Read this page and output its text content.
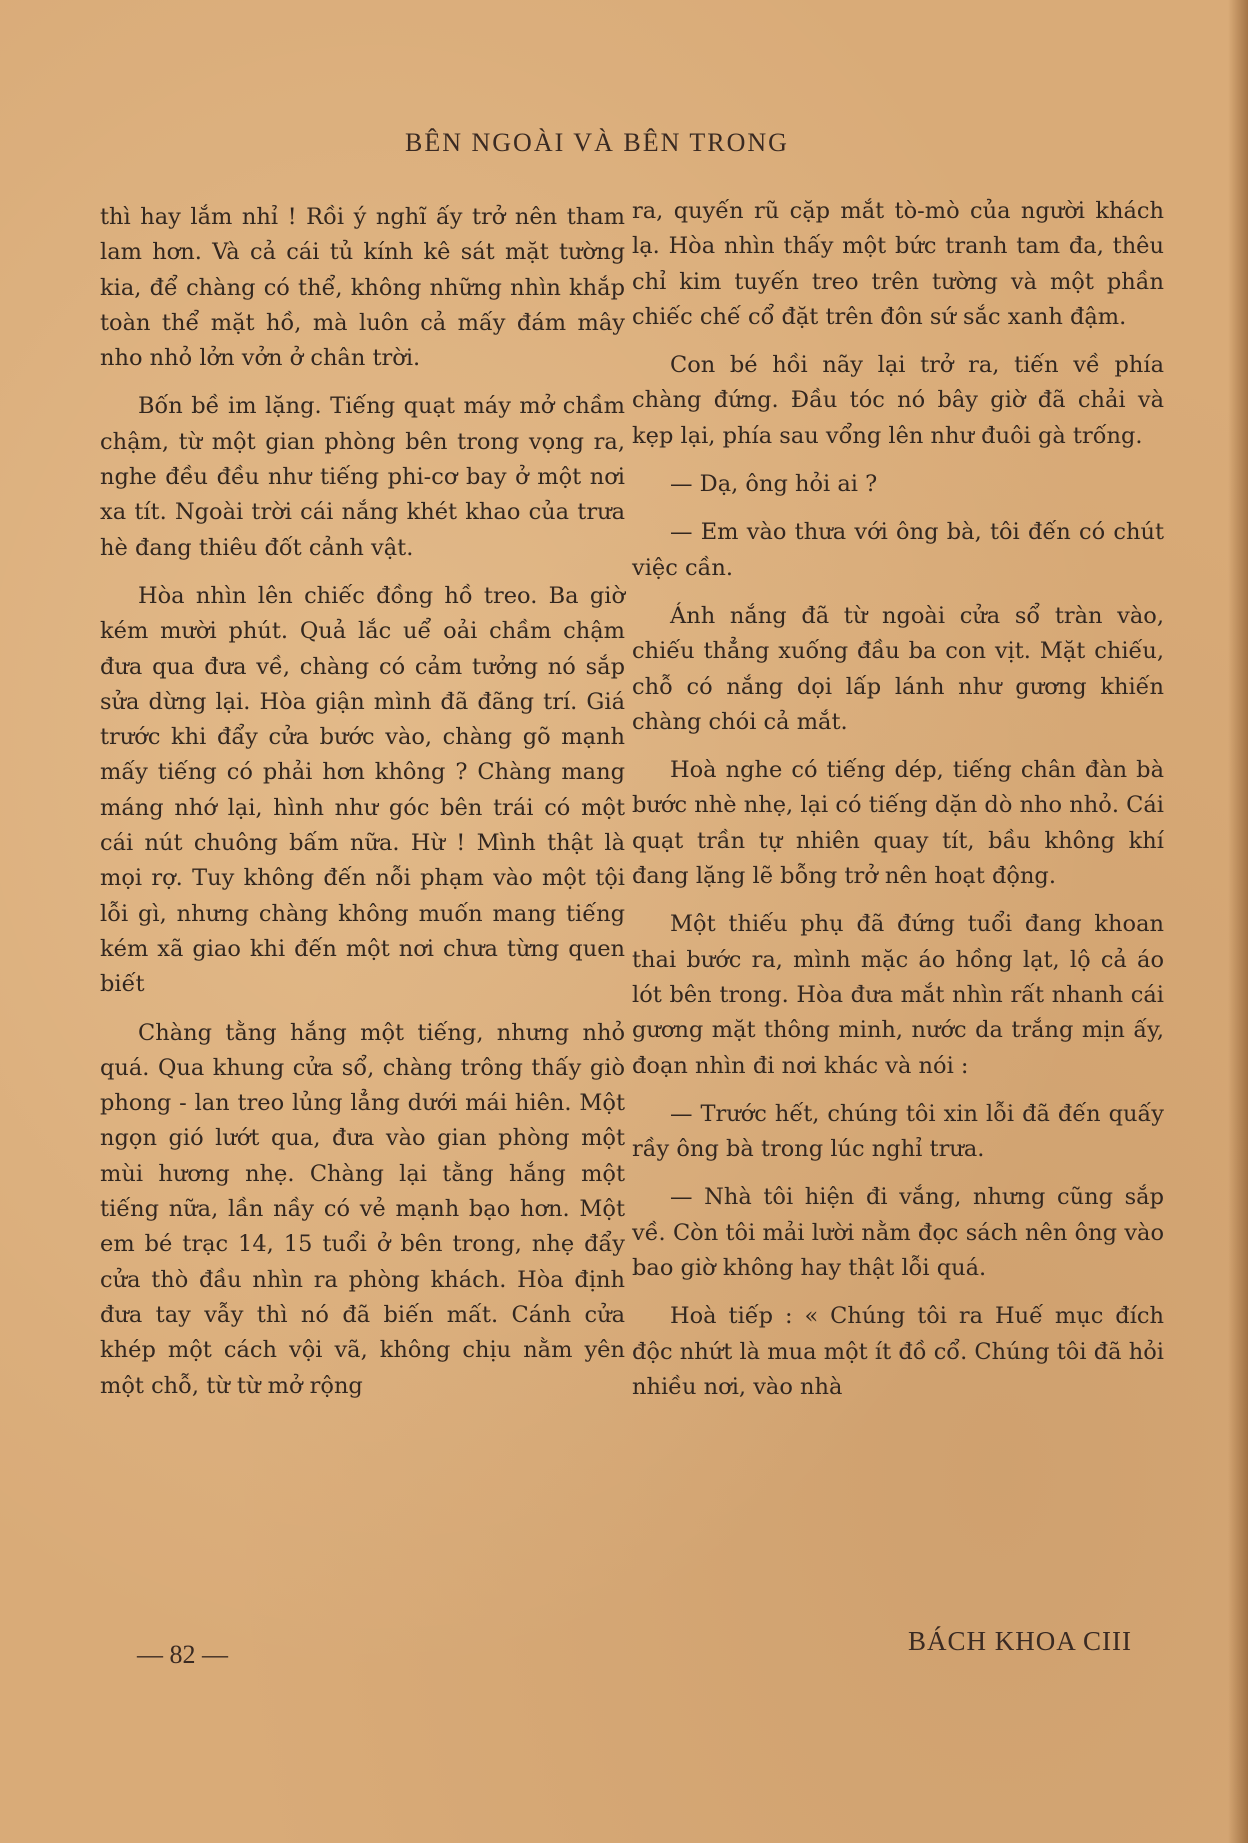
BÊN NGOÀI VÀ BÊN TRONG

thì hay lắm nhỉ ! Rồi ý nghĩ ấy trở nên tham lam hơn. Và cả cái tủ kính kê sát mặt tường kia, để chàng có thể, không những nhìn khắp toàn thể mặt hồ, mà luôn cả mấy đám mây nho nhỏ lởn vởn ở chân trời.

Bốn bề im lặng. Tiếng quạt máy mở chầm chậm, từ một gian phòng bên trong vọng ra, nghe đều đều như tiếng phi-cơ bay ở một nơi xa tít. Ngoài trời cái nắng khét khao của trưa hè đang thiêu đốt cảnh vật.

Hòa nhìn lên chiếc đồng hồ treo. Ba giờ kém mười phút. Quả lắc uể oải chầm chậm đưa qua đưa về, chàng có cảm tưởng nó sắp sửa dừng lại. Hòa giận mình đã đãng trí. Giá trước khi đẩy cửa bước vào, chàng gõ mạnh mấy tiếng có phải hơn không ? Chàng mang máng nhớ lại, hình như góc bên trái có một cái nút chuông bấm nữa. Hừ ! Mình thật là mọi rợ. Tuy không đến nỗi phạm vào một tội lỗi gì, nhưng chàng không muốn mang tiếng kém xã giao khi đến một nơi chưa từng quen biết

Chàng tằng hắng một tiếng, nhưng nhỏ quá. Qua khung cửa sổ, chàng trông thấy giò phong - lan treo lủng lẳng dưới mái hiên. Một ngọn gió lướt qua, đưa vào gian phòng một mùi hương nhẹ. Chàng lại tằng hắng một tiếng nữa, lần nầy có vẻ mạnh bạo hơn. Một em bé trạc 14, 15 tuổi ở bên trong, nhẹ đẩy cửa thò đầu nhìn ra phòng khách. Hòa định đưa tay vẫy thì nó đã biến mất. Cánh cửa khép một cách vội vã, không chịu nằm yên một chỗ, từ từ mở rộng

ra, quyến rũ cặp mắt tò-mò của người khách lạ. Hòa nhìn thấy một bức tranh tam đa, thêu chỉ kim tuyến treo trên tường và một phần chiếc chế cổ đặt trên đôn sứ sắc xanh đậm.

Con bé hồi nãy lại trở ra, tiến về phía chàng đứng. Đầu tóc nó bây giờ đã chải và kẹp lại, phía sau vổng lên như đuôi gà trống.

— Dạ, ông hỏi ai ?

— Em vào thưa với ông bà, tôi đến có chút việc cần.

Ánh nắng đã từ ngoài cửa sổ tràn vào, chiếu thẳng xuống đầu ba con vịt. Mặt chiếu, chỗ có nắng dọi lấp lánh như gương khiến chàng chói cả mắt.

Hoà nghe có tiếng dép, tiếng chân đàn bà bước nhè nhẹ, lại có tiếng dặn dò nho nhỏ. Cái quạt trần tự nhiên quay tít, bầu không khí đang lặng lẽ bỗng trở nên hoạt động.

Một thiếu phụ đã đứng tuổi đang khoan thai bước ra, mình mặc áo hồng lạt, lộ cả áo lót bên trong. Hòa đưa mắt nhìn rất nhanh cái gương mặt thông minh, nước da trắng mịn ấy, đoạn nhìn đi nơi khác và nói :

— Trước hết, chúng tôi xin lỗi đã đến quấy rầy ông bà trong lúc nghỉ trưa.

— Nhà tôi hiện đi vắng, nhưng cũng sắp về. Còn tôi mải lười nằm đọc sách nên ông vào bao giờ không hay thật lỗi quá.

Hoà tiếp : « Chúng tôi ra Huế mục đích độc nhứt là mua một ít đồ cổ. Chúng tôi đã hỏi nhiều nơi, vào nhà

— 82 —	BÁCH KHOA CIII
